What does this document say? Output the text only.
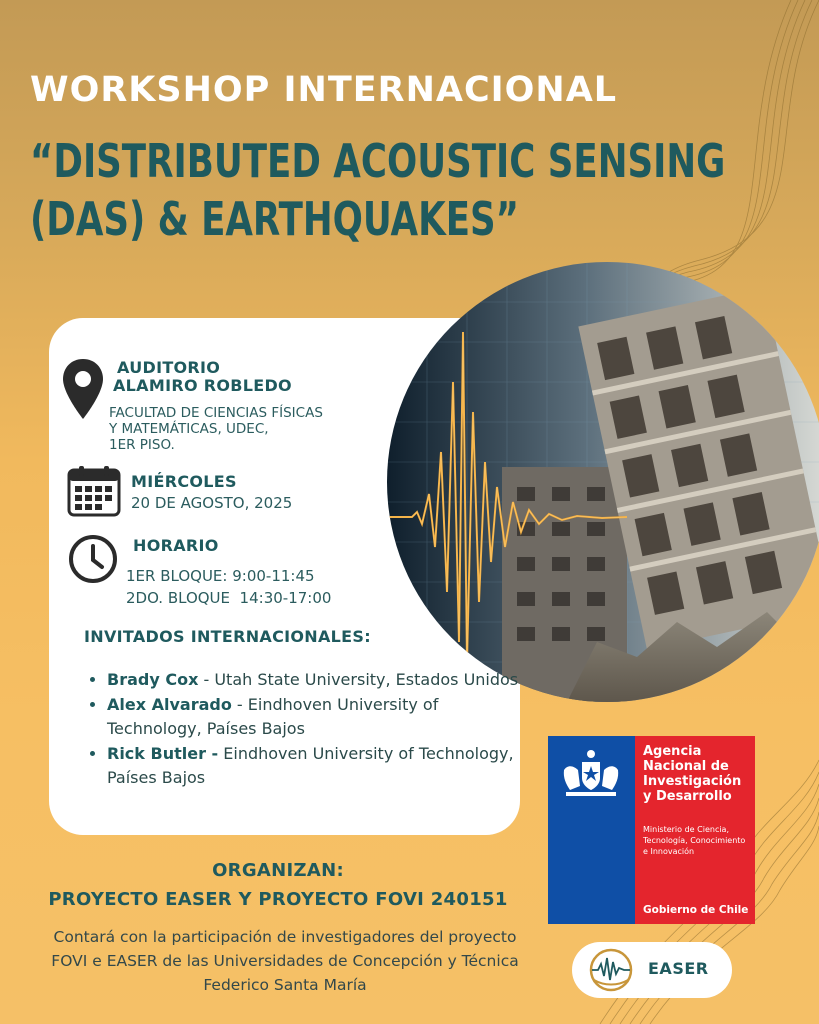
WORKSHOP INTERNACIONAL
“DISTRIBUTED ACOUSTIC SENSING
(DAS) & EARTHQUAKES”
AUDITORIO
ALAMIRO ROBLEDO
FACULTAD DE CIENCIAS FÍSICAS
Y MATEMÁTICAS, UDEC,
1ER PISO.
MIÉRCOLES
20 DE AGOSTO, 2025
HORARIO
1ER BLOQUE: 9:00-11:45
2DO. BLOQUE  14:30-17:00
INVITADOS INTERNACIONALES:
• Brady Cox - Utah State University, Estados Unidos
• Alex Alvarado - Eindhoven University of Technology, Países Bajos
• Rick Butler - Eindhoven University of Technology, Países Bajos
ORGANIZAN:
PROYECTO EASER Y PROYECTO FOVI 240151
Contará con la participación de investigadores del proyecto FOVI e EASER de las Universidades de Concepción y Técnica Federico Santa María
Agencia
Nacional de
Investigación
y Desarrollo
Ministerio de Ciencia,
Tecnología, Conocimiento
e Innovación
Gobierno de Chile
EASER
